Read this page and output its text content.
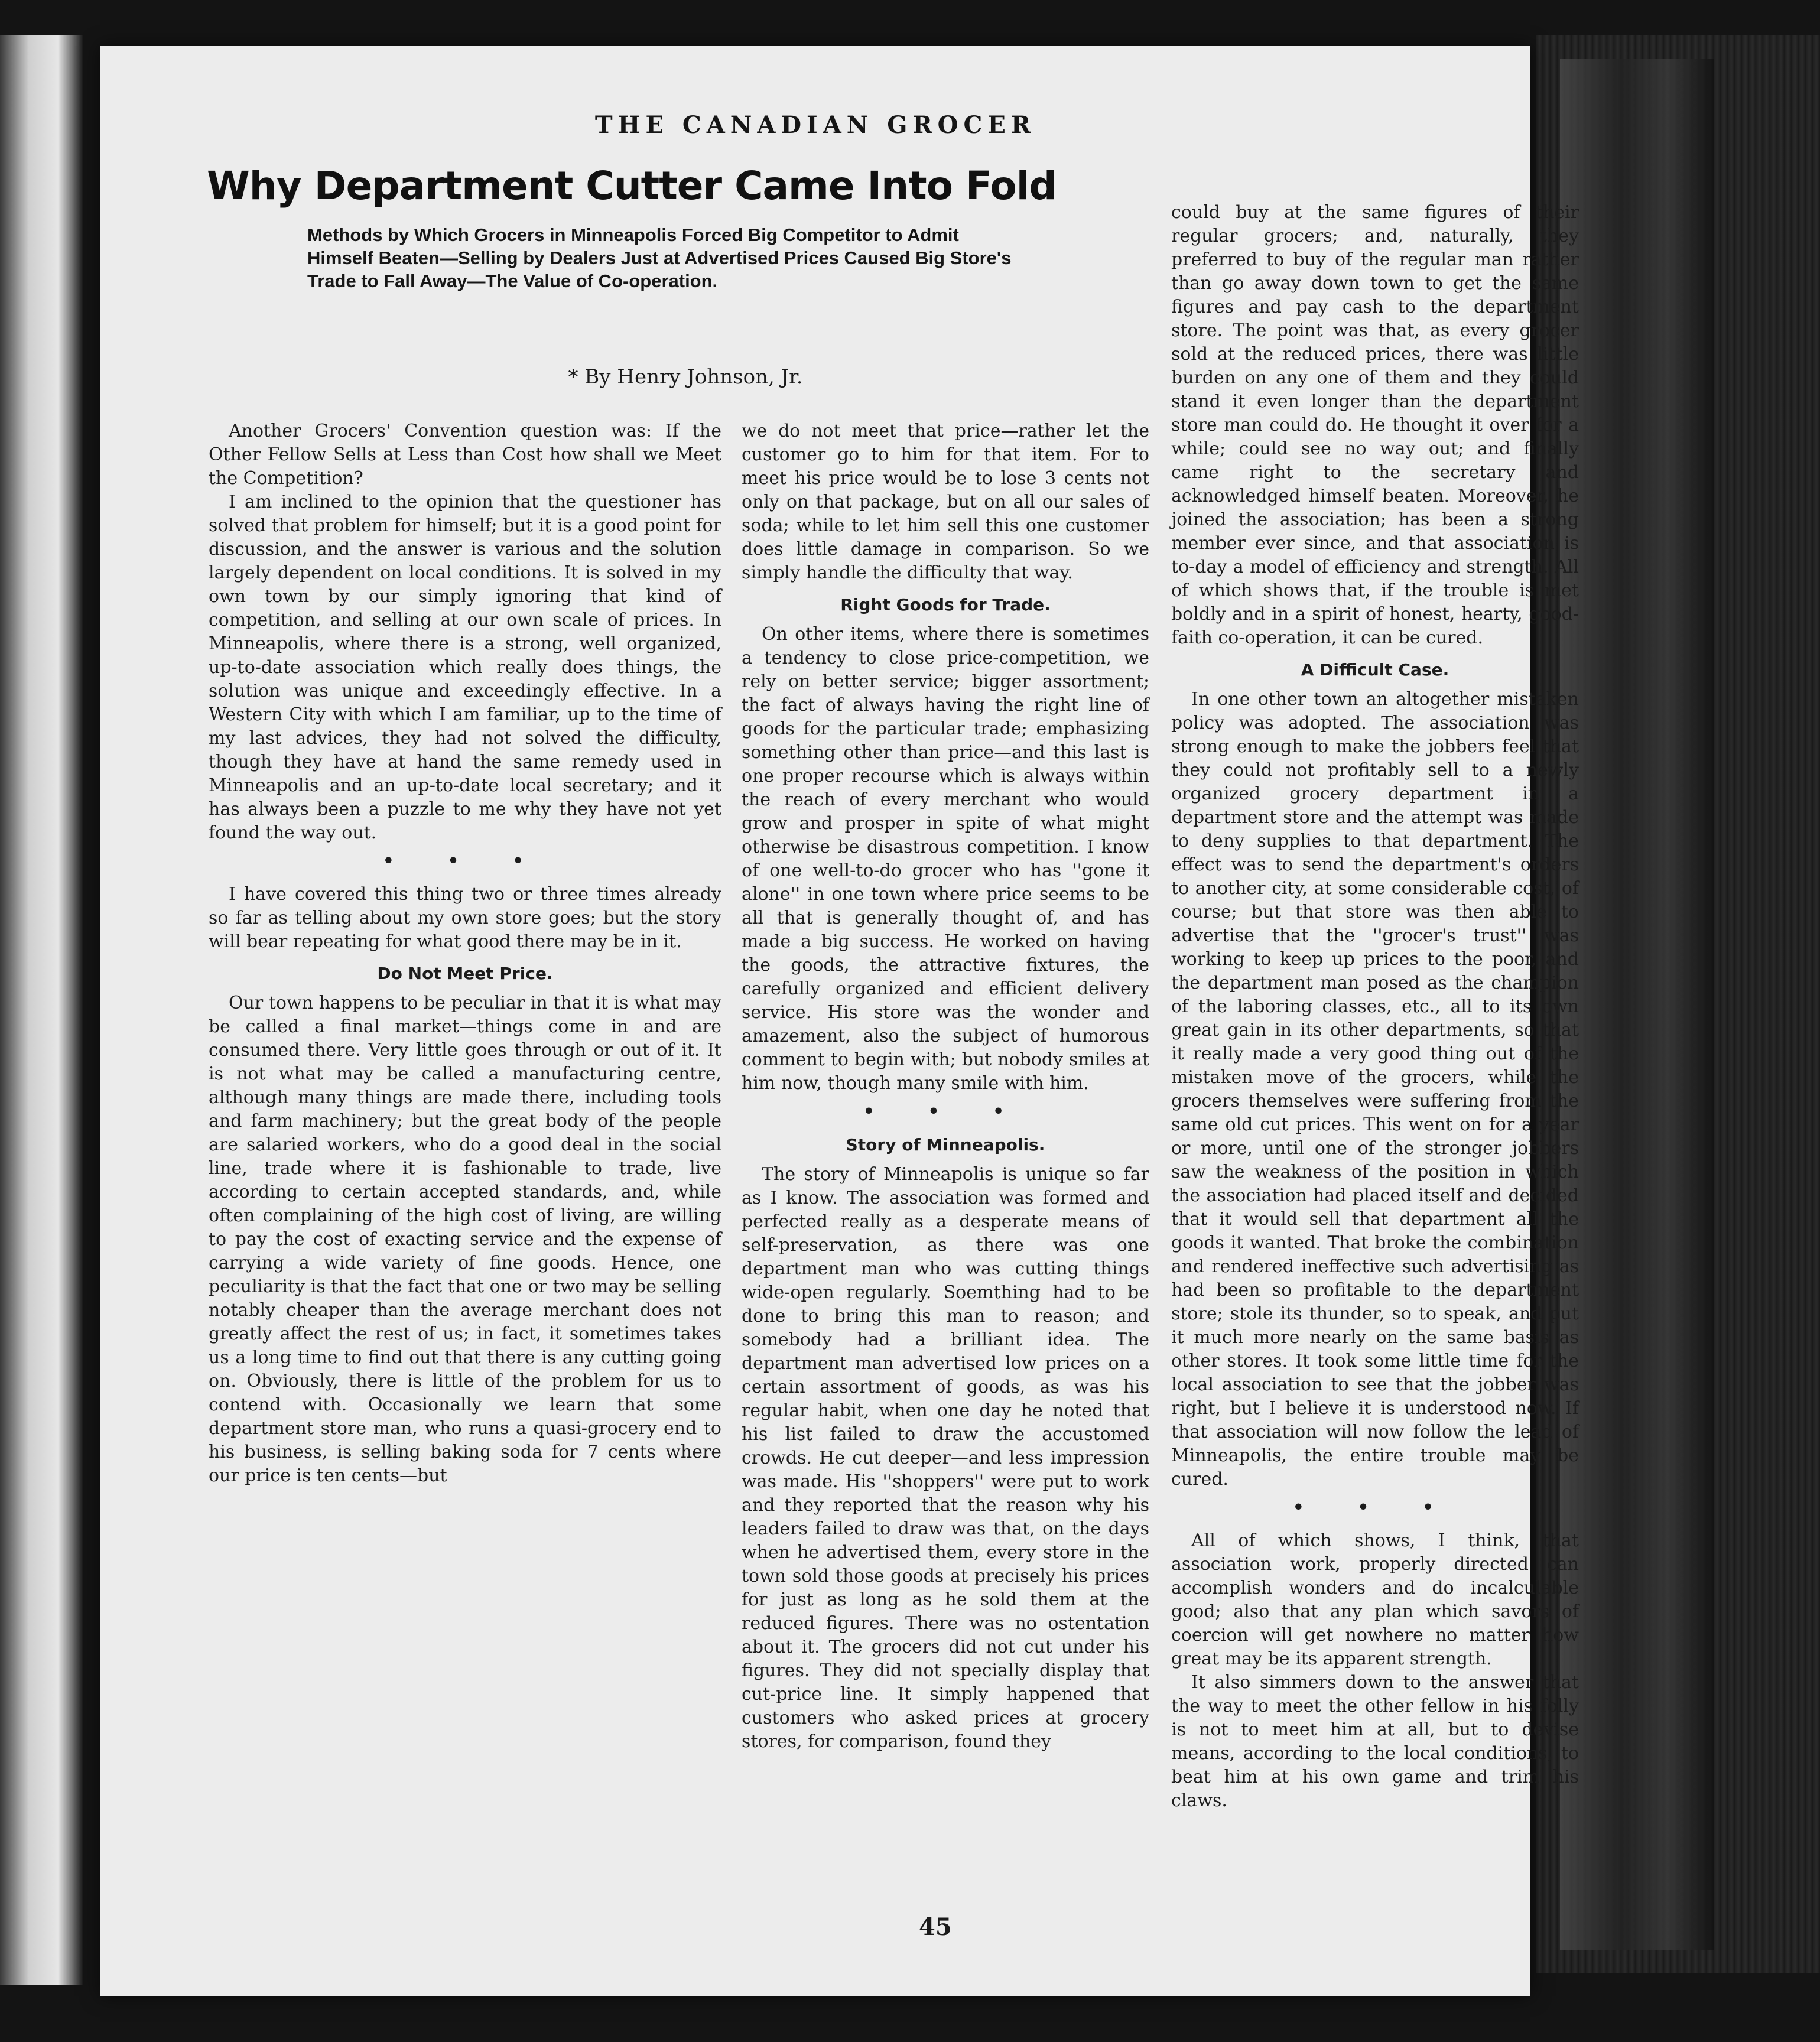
THE CANADIAN GROCER
Why Department Cutter Came Into Fold

Methods by Which Grocers in Minneapolis Forced Big Competitor to Admit Himself Beaten—Selling by Dealers Just at Advertised Prices Caused Big Store's Trade to Fall Away—The Value of Co-operation.

* By Henry Johnson, Jr.

Another Grocers' Convention question was: If the Other Fellow Sells at Less than Cost how shall we Meet the Competition?

I am inclined to the opinion that the questioner has solved that problem for himself; but it is a good point for discussion, and the answer is various and the solution largely dependent on local conditions. It is solved in my own town by our simply ignoring that kind of competition, and selling at our own scale of prices. In Minneapolis, where there is a strong, well organized, up-to-date association which really does things, the solution was unique and exceedingly effective. In a Western City with which I am familiar, up to the time of my last advices, they had not solved the difficulty, though they have at hand the same remedy used in Minneapolis and an up-to-date local secretary; and it has always been a puzzle to me why they have not yet found the way out.

• • •

I have covered this thing two or three times already so far as telling about my own store goes; but the story will bear repeating for what good there may be in it.

Do Not Meet Price.

Our town happens to be peculiar in that it is what may be called a final market—things come in and are consumed there. Very little goes through or out of it. It is not what may be called a manufacturing centre, although many things are made there, including tools and farm machinery; but the great body of the people are salaried workers, who do a good deal in the social line, trade where it is fashionable to trade, live according to certain accepted standards, and, while often complaining of the high cost of living, are willing to pay the cost of exacting service and the expense of carrying a wide variety of fine goods. Hence, one peculiarity is that the fact that one or two may be selling notably cheaper than the average merchant does not greatly affect the rest of us; in fact, it sometimes takes us a long time to find out that there is any cutting going on. Obviously, there is little of the problem for us to contend with. Occasionally we learn that some department store man, who runs a quasi-grocery end to his business, is selling baking soda for 7 cents where our price is ten cents—but

we do not meet that price—rather let the customer go to him for that item. For to meet his price would be to lose 3 cents not only on that package, but on all our sales of soda; while to let him sell this one customer does little damage in comparison. So we simply handle the difficulty that way.

Right Goods for Trade.

On other items, where there is sometimes a tendency to close price-competition, we rely on better service; bigger assortment; the fact of always having the right line of goods for the particular trade; emphasizing something other than price—and this last is one proper recourse which is always within the reach of every merchant who would grow and prosper in spite of what might otherwise be disastrous competition. I know of one well-to-do grocer who has ''gone it alone'' in one town where price seems to be all that is generally thought of, and has made a big success. He worked on having the goods, the attractive fixtures, the carefully organized and efficient delivery service. His store was the wonder and amazement, also the subject of humorous comment to begin with; but nobody smiles at him now, though many smile with him.

• • •

Story of Minneapolis.

The story of Minneapolis is unique so far as I know. The association was formed and perfected really as a desperate means of self-preservation, as there was one department man who was cutting things wide-open regularly. Soemthing had to be done to bring this man to reason; and somebody had a brilliant idea. The department man advertised low prices on a certain assortment of goods, as was his regular habit, when one day he noted that his list failed to draw the accustomed crowds. He cut deeper—and less impression was made. His ''shoppers'' were put to work and they reported that the reason why his leaders failed to draw was that, on the days when he advertised them, every store in the town sold those goods at precisely his prices for just as long as he sold them at the reduced figures. There was no ostentation about it. The grocers did not cut under his figures. They did not specially display that cut-price line. It simply happened that customers who asked prices at grocery stores, for comparison, found they

could buy at the same figures of their regular grocers; and, naturally, they preferred to buy of the regular man rather than go away down town to get the same figures and pay cash to the department store. The point was that, as every grocer sold at the reduced prices, there was little burden on any one of them and they could stand it even longer than the department store man could do. He thought it over for a while; could see no way out; and finally came right to the secretary and acknowledged himself beaten. Moreover, he joined the association; has been a strong member ever since, and that association is to-day a model of efficiency and strength. All of which shows that, if the trouble is met boldly and in a spirit of honest, hearty, good-faith co-operation, it can be cured.

A Difficult Case.

In one other town an altogether mistaken policy was adopted. The association was strong enough to make the jobbers feel that they could not profitably sell to a newly organized grocery department in a department store and the attempt was made to deny supplies to that department. The effect was to send the department's orders to another city, at some considerable cost, of course; but that store was then able to advertise that the ''grocer's trust'' was working to keep up prices to the poor, and the department man posed as the champion of the laboring classes, etc., all to its own great gain in its other departments, so that it really made a very good thing out of the mistaken move of the grocers, while the grocers themselves were suffering from the same old cut prices. This went on for a year or more, until one of the stronger jobbers saw the weakness of the position in which the association had placed itself and decided that it would sell that department all the goods it wanted. That broke the combination and rendered ineffective such advertising as had been so profitable to the department store; stole its thunder, so to speak, and put it much more nearly on the same basis as other stores. It took some little time for the local association to see that the jobber was right, but I believe it is understood now. If that association will now follow the lead of Minneapolis, the entire trouble may be cured.

• • •

All of which shows, I think, that association work, properly directed can accomplish wonders and do incalculable good; also that any plan which savors of coercion will get nowhere no matter how great may be its apparent strength.

It also simmers down to the answer that the way to meet the other fellow in his folly is not to meet him at all, but to devise means, according to the local conditions, to beat him at his own game and trim his claws.

45
